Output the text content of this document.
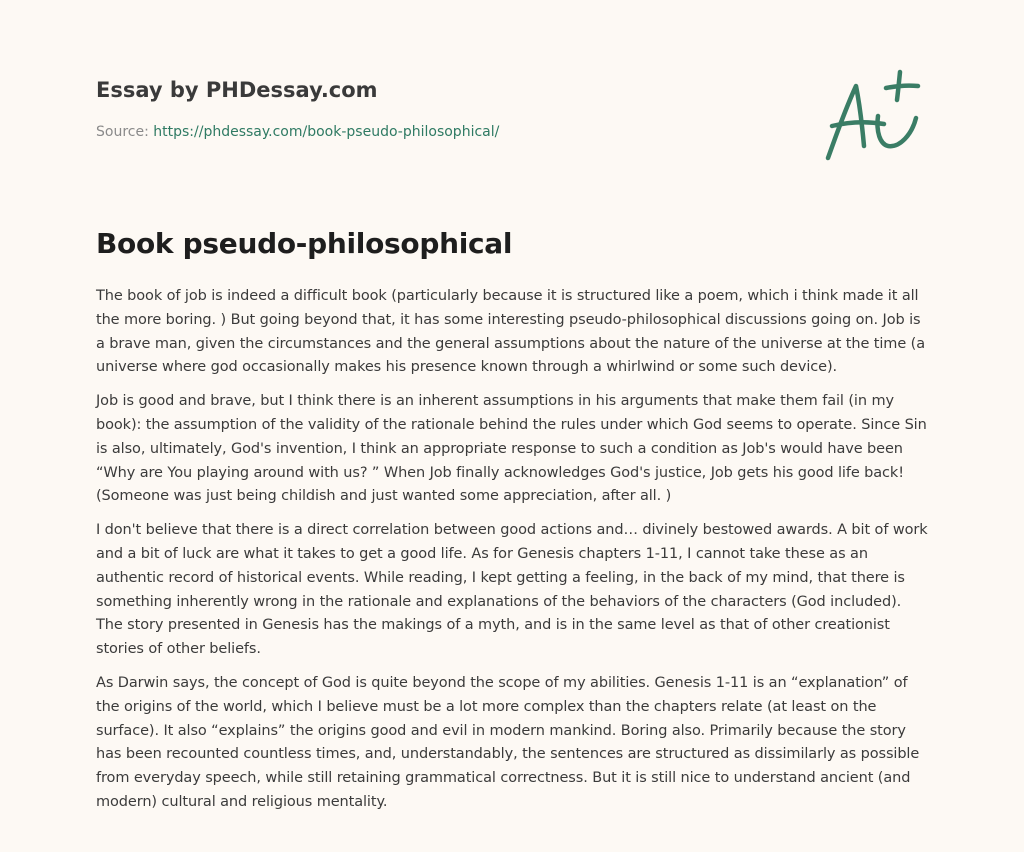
Essay by PHDessay.com
Source: https://phdessay.com/book-pseudo-philosophical/
Book pseudo-philosophical

The book of job is indeed a difficult book (particularly because it is structured like a poem, which i think made it all the more boring. ) But going beyond that, it has some interesting pseudo-philosophical discussions going on. Job is a brave man, given the circumstances and the general assumptions about the nature of the universe at the time (a universe where god occasionally makes his presence known through a whirlwind or some such device).

Job is good and brave, but I think there is an inherent assumptions in his arguments that make them fail (in my book): the assumption of the validity of the rationale behind the rules under which God seems to operate. Since Sin is also, ultimately, God's invention, I think an appropriate response to such a condition as Job's would have been “Why are You playing around with us? ” When Job finally acknowledges God's justice, Job gets his good life back! (Someone was just being childish and just wanted some appreciation, after all. )

I don't believe that there is a direct correlation between good actions and… divinely bestowed awards. A bit of work and a bit of luck are what it takes to get a good life. As for Genesis chapters 1-11, I cannot take these as an authentic record of historical events. While reading, I kept getting a feeling, in the back of my mind, that there is something inherently wrong in the rationale and explanations of the behaviors of the characters (God included). The story presented in Genesis has the makings of a myth, and is in the same level as that of other creationist stories of other beliefs.

As Darwin says, the concept of God is quite beyond the scope of my abilities. Genesis 1-11 is an “explanation” of the origins of the world, which I believe must be a lot more complex than the chapters relate (at least on the surface). It also “explains” the origins good and evil in modern mankind. Boring also. Primarily because the story has been recounted countless times, and, understandably, the sentences are structured as dissimilarly as possible from everyday speech, while still retaining grammatical correctness. But it is still nice to understand ancient (and modern) cultural and religious mentality.
